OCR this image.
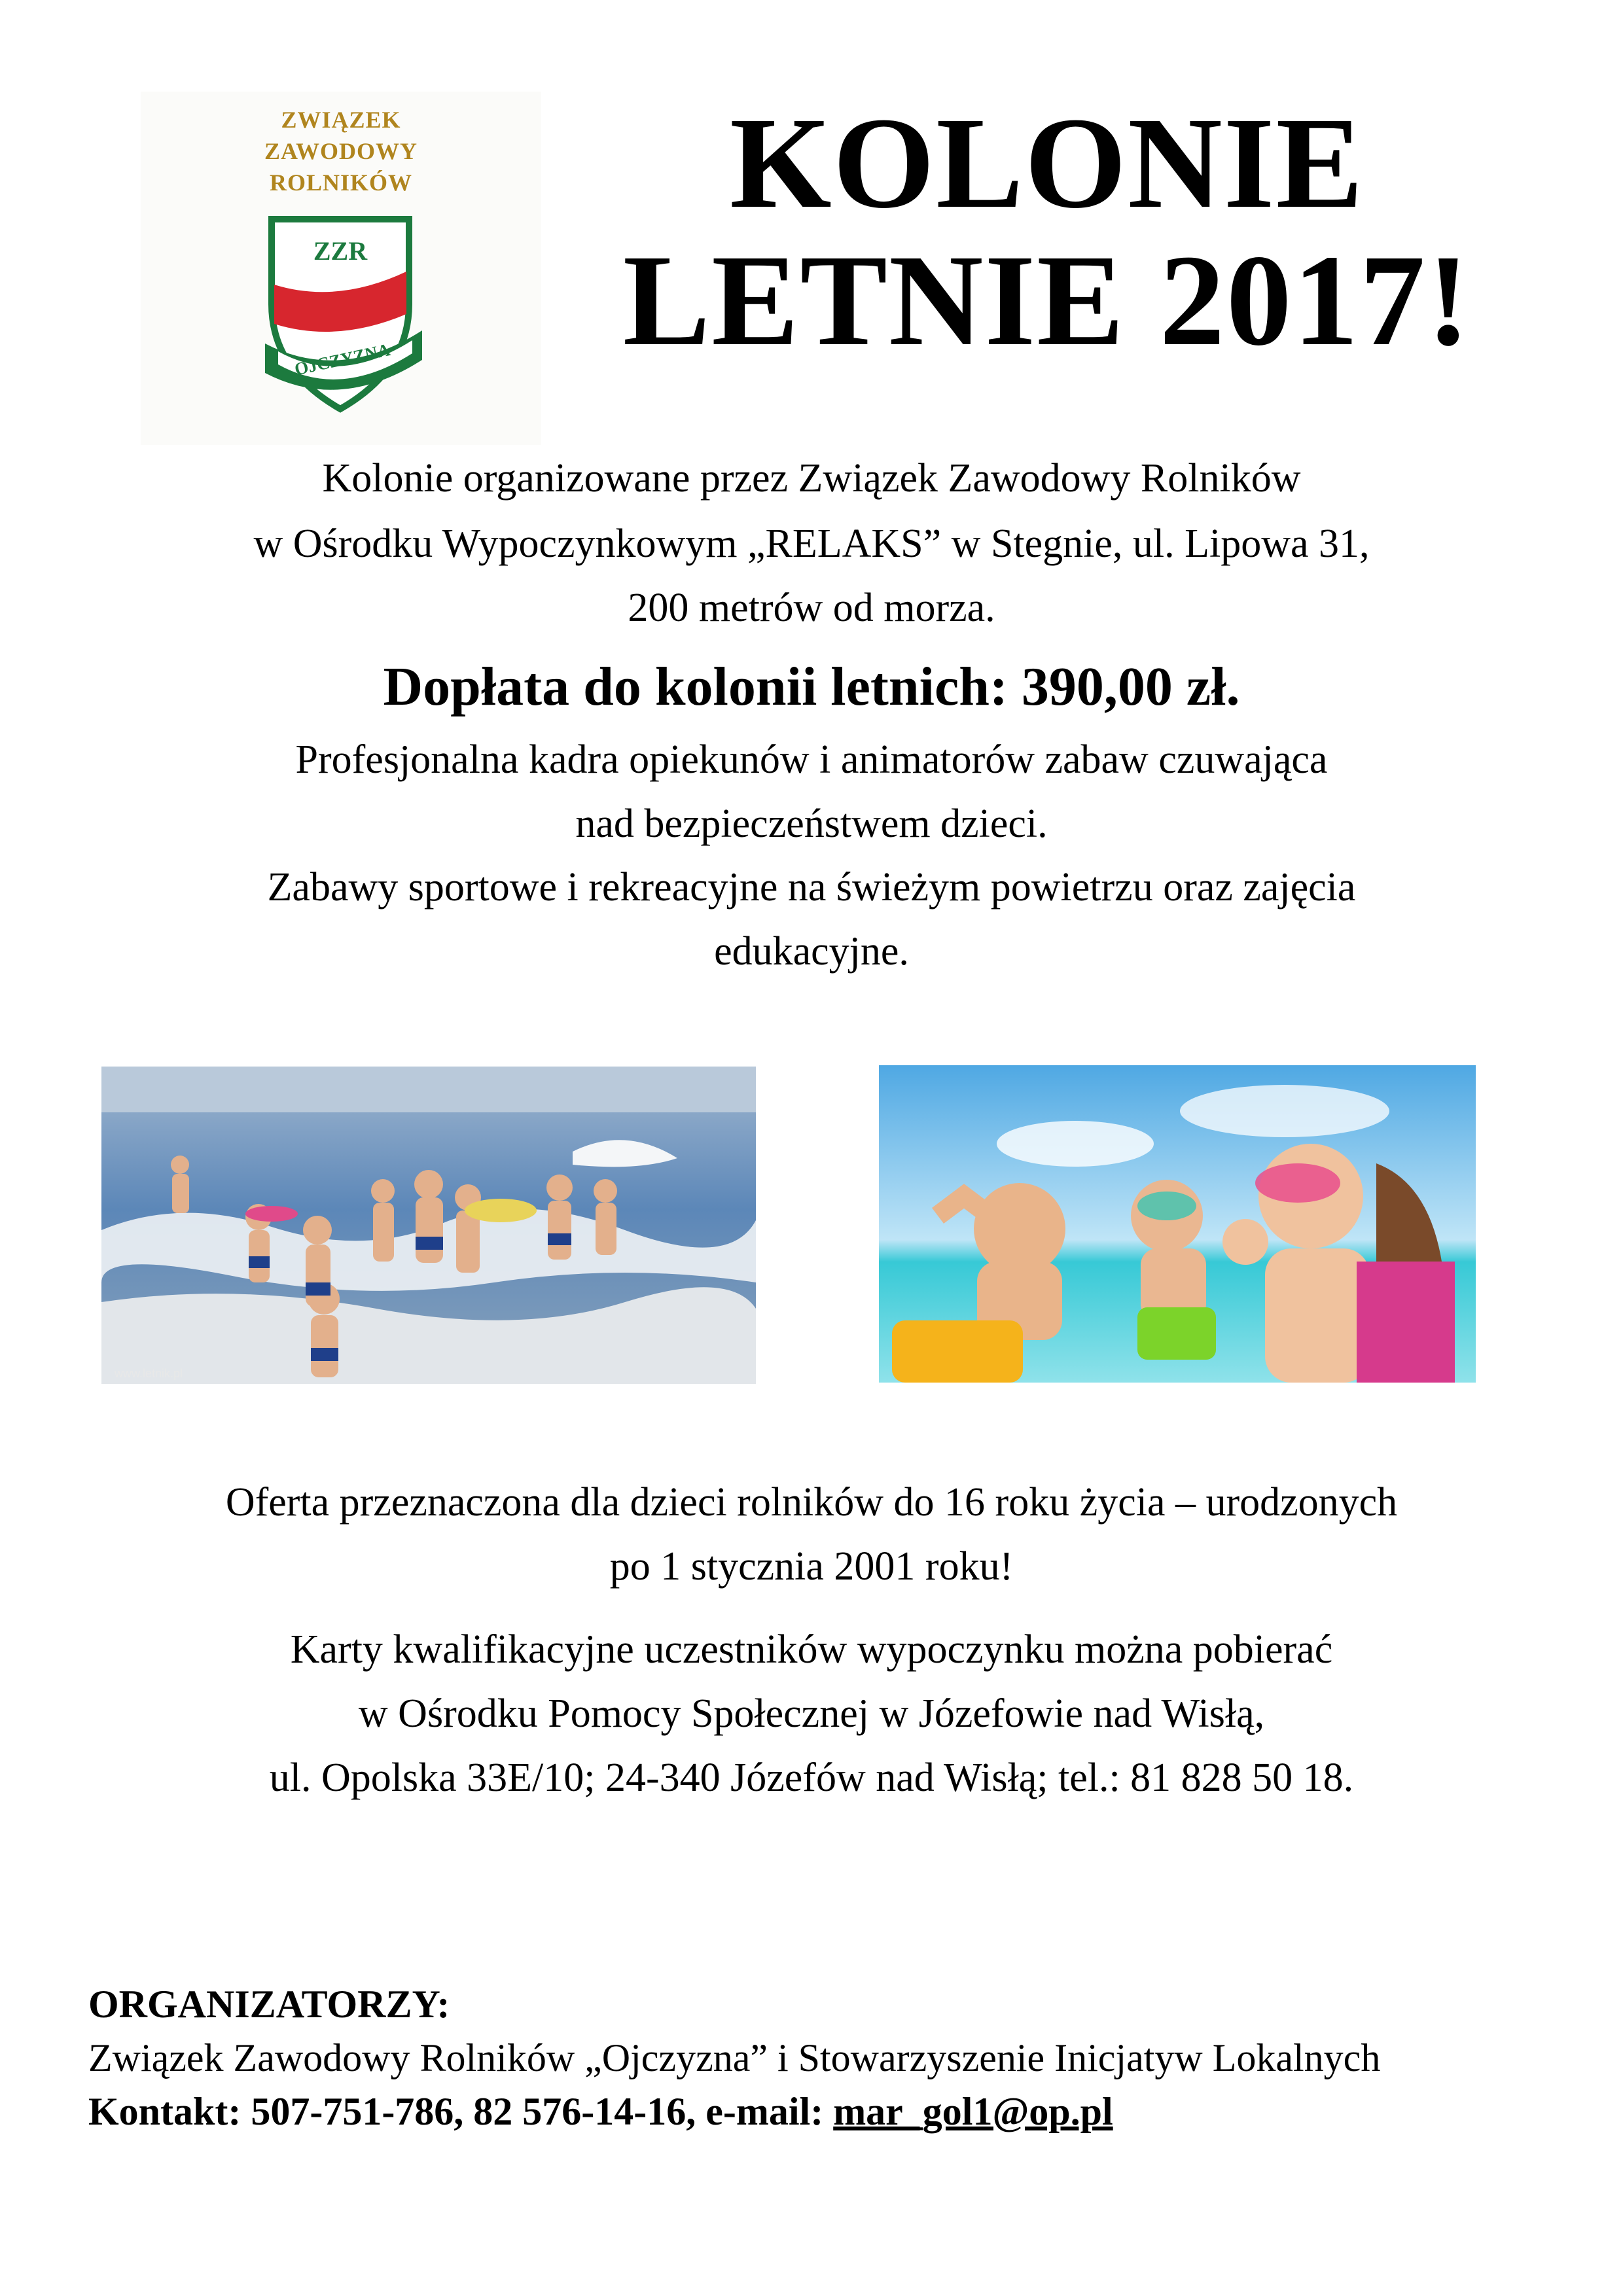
ZWIĄZEK
ZAWODOWY
ROLNIKÓW
ZZR
OJCZYZNA
KOLONIE
LETNIE 2017!
Kolonie organizowane przez Związek Zawodowy Rolników
w Ośrodku Wypoczynkowym „RELAKS” w Stegnie, ul. Lipowa 31,
200 metrów od morza.
Dopłata do kolonii letnich: 390,00 zł.
Profesjonalna kadra opiekunów i animatorów zabaw czuwająca
nad bezpieczeństwem dzieci.
Zabawy sportowe i rekreacyjne na świeżym powietrzu oraz zajęcia
edukacyjne.
www.letnik.pl
Oferta przeznaczona dla dzieci rolników do 16 roku życia – urodzonych
po 1 stycznia 2001 roku!
Karty kwalifikacyjne uczestników wypoczynku można pobierać
w Ośrodku Pomocy Społecznej w Józefowie nad Wisłą,
ul. Opolska 33E/10; 24-340 Józefów nad Wisłą; tel.: 81 828 50 18.
ORGANIZATORZY:
Związek Zawodowy Rolników „Ojczyzna” i Stowarzyszenie Inicjatyw Lokalnych
Kontakt: 507-751-786, 82 576-14-16, e-mail: mar_gol1@op.pl
